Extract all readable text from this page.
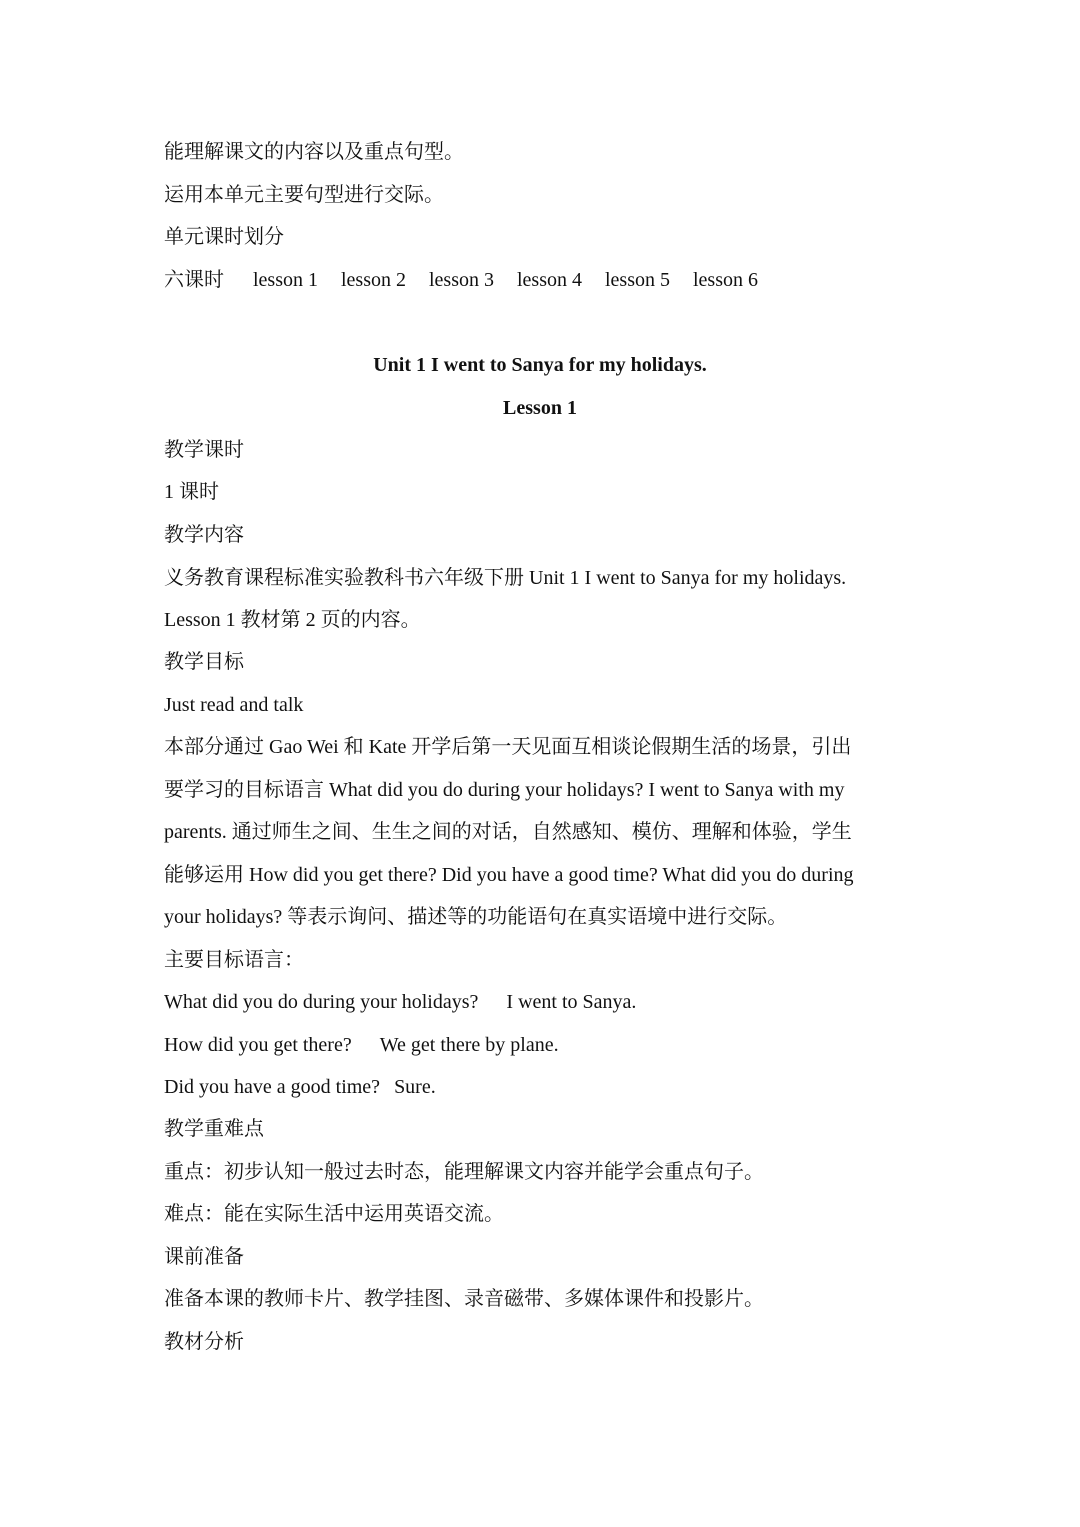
能理解课文的内容以及重点句型。
运用本单元主要句型进行交际。
单元课时划分
六课时 lesson 1 lesson 2 lesson 3 lesson 4 lesson 5 lesson 6
Unit 1 I went to Sanya for my holidays.
Lesson 1
教学课时
1 课时
教学内容
义务教育课程标准实验教科书六年级下册 Unit 1 I went to Sanya for my holidays.
Lesson 1 教材第 2 页的内容。
教学目标
Just read and talk
本部分通过 Gao Wei 和 Kate 开学后第一天见面互相谈论假期生活的场景，引出
要学习的目标语言 What did you do during your holidays? I went to Sanya with my
parents. 通过师生之间、生生之间的对话，自然感知、模仿、理解和体验，学生
能够运用 How did you get there? Did you have a good time? What did you do during
your holidays? 等表示询问、描述等的功能语句在真实语境中进行交际。
主要目标语言：
What did you do during your holidays? I went to Sanya.
How did you get there? We get there by plane.
Did you have a good time? Sure.
教学重难点
重点：初步认知一般过去时态，能理解课文内容并能学会重点句子。
难点：能在实际生活中运用英语交流。
课前准备
准备本课的教师卡片、教学挂图、录音磁带、多媒体课件和投影片。
教材分析
